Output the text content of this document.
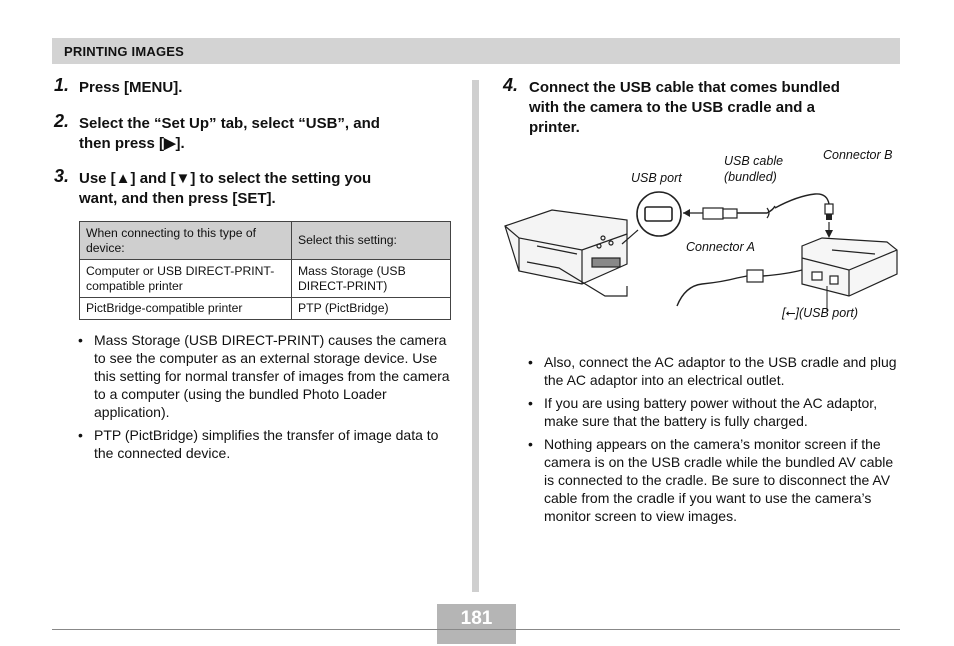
PRINTING IMAGES
1. Press [MENU].
2. Select the “Set Up” tab, select “USB”, and
then press [▶].
3. Use [▲] and [▼] to select the setting you
want, and then press [SET].
When connecting to this type of device:	Select this setting:
Computer or USB DIRECT-PRINT-compatible printer	Mass Storage (USB DIRECT-PRINT)
PictBridge-compatible printer	PTP (PictBridge)
• Mass Storage (USB DIRECT-PRINT) causes the camera to see the computer as an external storage device. Use this setting for normal transfer of images from the camera to a computer (using the bundled Photo Loader application).
• PTP (PictBridge) simplifies the transfer of image data to the connected device.
4. Connect the USB cable that comes bundled
with the camera to the USB cradle and a
printer.
USB port
USB cable
(bundled)
Connector B
Connector A
[⭠](USB port)
• Also, connect the AC adaptor to the USB cradle and plug the AC adaptor into an electrical outlet.
• If you are using battery power without the AC adaptor, make sure that the battery is fully charged.
• Nothing appears on the camera’s monitor screen if the camera is on the USB cradle while the bundled AV cable is connected to the cradle. Be sure to disconnect the AV cable from the cradle if you want to use the camera’s monitor screen to view images.
181
